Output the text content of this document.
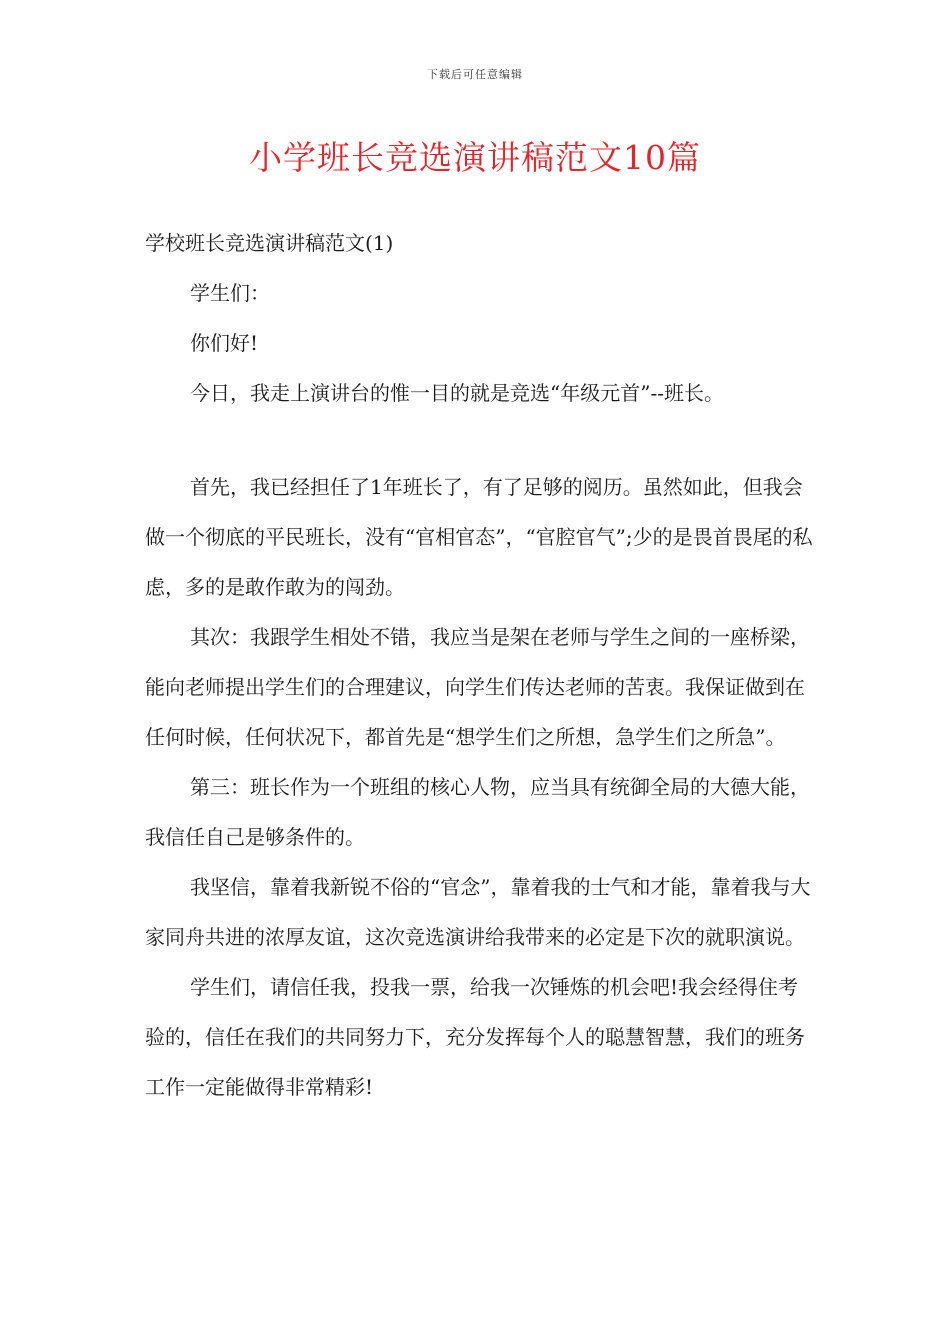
下载后可任意编辑
小学班长竞选演讲稿范文10篇

学校班长竞选演讲稿范文(1)

学生们：

你们好!

今日，我走上演讲台的惟一目的就是竞选“年级元首”--班长。

首先，我已经担任了1年班长了，有了足够的阅历。虽然如此，但我会做一个彻底的平民班长，没有“官相官态”，“官腔官气”;少的是畏首畏尾的私虑，多的是敢作敢为的闯劲。

其次：我跟学生相处不错，我应当是架在老师与学生之间的一座桥梁，能向老师提出学生们的合理建议，向学生们传达老师的苦衷。我保证做到在任何时候，任何状况下，都首先是“想学生们之所想，急学生们之所急”。

第三：班长作为一个班组的核心人物，应当具有统御全局的大德大能，我信任自己是够条件的。

我坚信，靠着我新锐不俗的“官念”，靠着我的士气和才能，靠着我与大家同舟共进的浓厚友谊，这次竞选演讲给我带来的必定是下次的就职演说。

学生们，请信任我，投我一票，给我一次锤炼的机会吧!我会经得住考验的，信任在我们的共同努力下，充分发挥每个人的聪慧智慧，我们的班务工作一定能做得非常精彩!
